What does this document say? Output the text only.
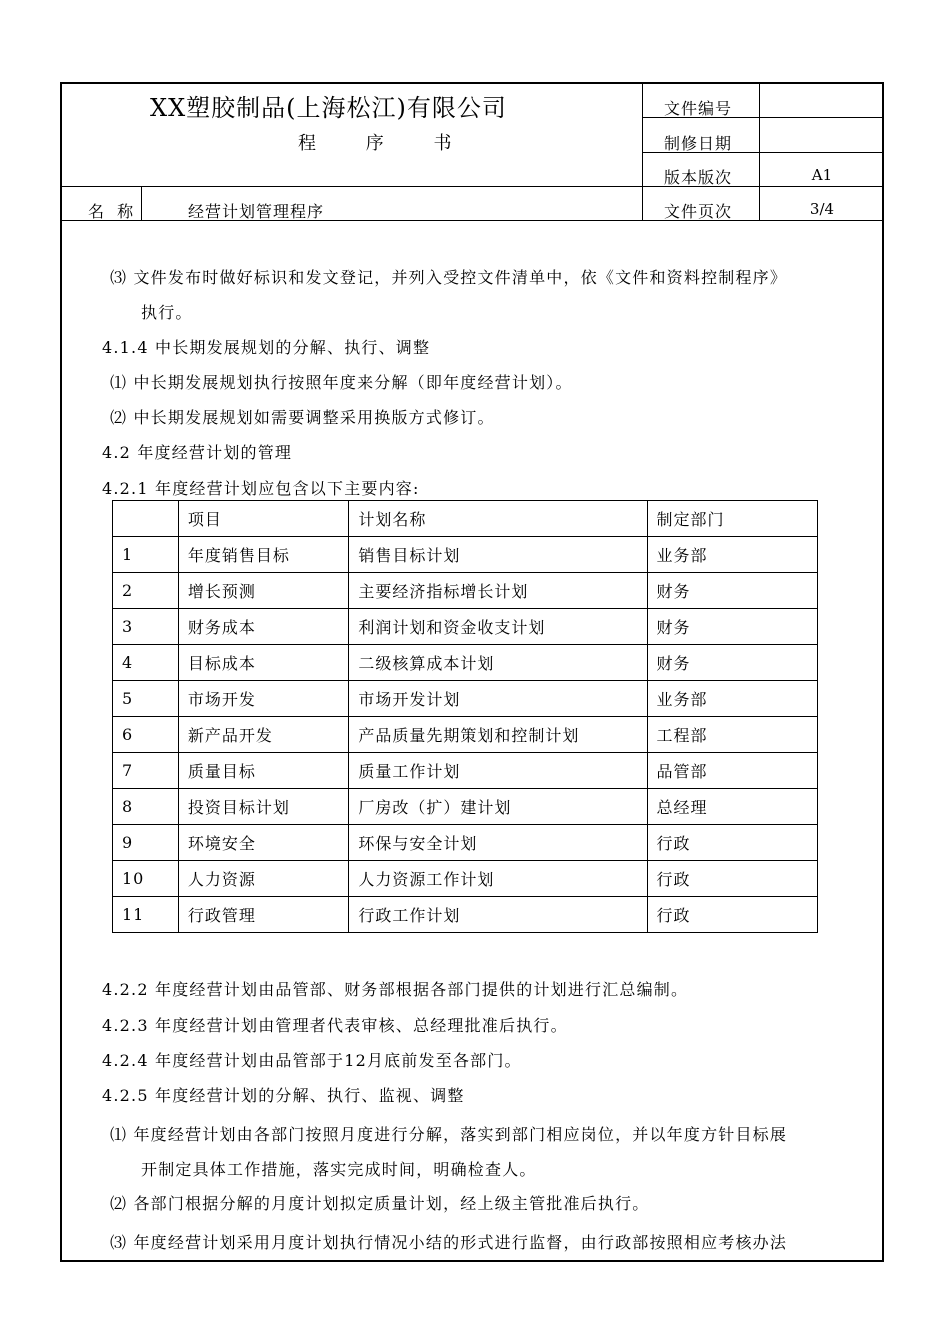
XX塑胶制品(上海松江)有限公司
程 序 书
文件编号
制修日期
版本版次	A1
文件页次	3/4
名  称	经营计划管理程序
⑶ 文件发布时做好标识和发文登记，并列入受控文件清单中，依《文件和资料控制程序》
执行。
4.1.4 中长期发展规划的分解、执行、调整
⑴ 中长期发展规划执行按照年度来分解（即年度经营计划）。
⑵ 中长期发展规划如需要调整采用换版方式修订。
4.2 年度经营计划的管理
4.2.1 年度经营计划应包含以下主要内容:
	项目	计划名称	制定部门
1	年度销售目标	销售目标计划	业务部
2	增长预测	主要经济指标增长计划	财务
3	财务成本	利润计划和资金收支计划	财务
4	目标成本	二级核算成本计划	财务
5	市场开发	市场开发计划	业务部
6	新产品开发	产品质量先期策划和控制计划	工程部
7	质量目标	质量工作计划	品管部
8	投资目标计划	厂房改（扩）建计划	总经理
9	环境安全	环保与安全计划	行政
10	人力资源	人力资源工作计划	行政
11	行政管理	行政工作计划	行政
4.2.2 年度经营计划由品管部、财务部根据各部门提供的计划进行汇总编制。
4.2.3 年度经营计划由管理者代表审核、总经理批准后执行。
4.2.4 年度经营计划由品管部于12月底前发至各部门。
4.2.5 年度经营计划的分解、执行、监视、调整
⑴ 年度经营计划由各部门按照月度进行分解，落实到部门相应岗位，并以年度方针目标展
开制定具体工作措施，落实完成时间，明确检查人。
⑵ 各部门根据分解的月度计划拟定质量计划，经上级主管批准后执行。
⑶ 年度经营计划采用月度计划执行情况小结的形式进行监督，由行政部按照相应考核办法
